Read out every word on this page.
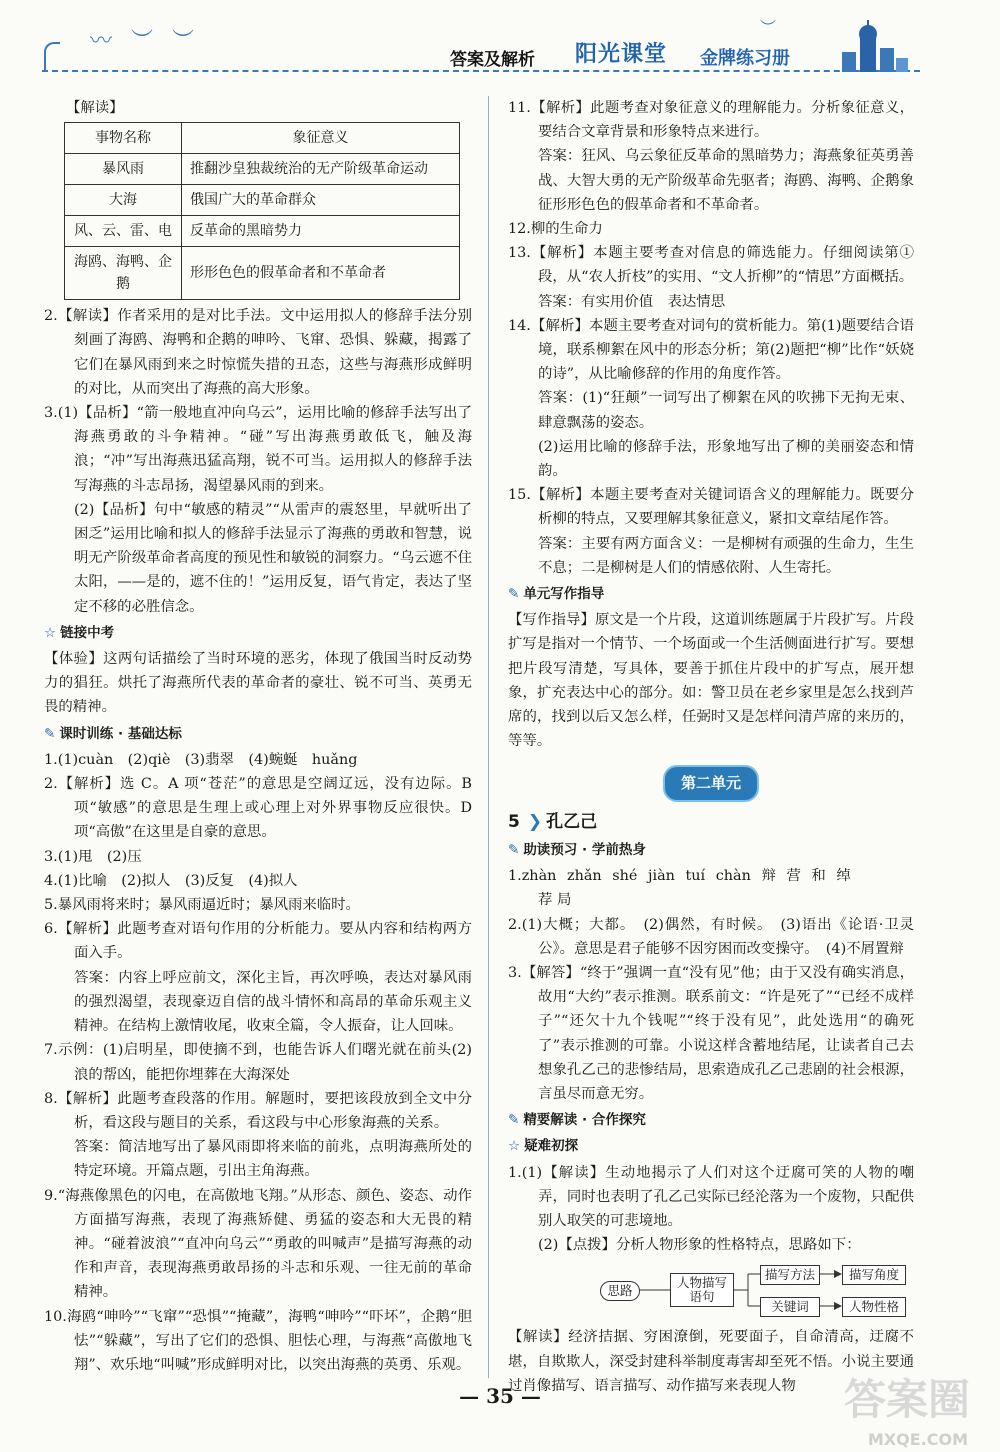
〰 ︶ ︶
︶
答案及解析 阳光课堂 金牌练习册

【解读】

事物名称	象征意义
暴风雨	推翻沙皇独裁统治的无产阶级革命运动
大海	俄国广大的革命群众
风、云、雷、电	反革命的黑暗势力
海鸥、海鸭、企鹅	形形色色的假革命者和不革命者

2.【解读】作者采用的是对比手法。文中运用拟人的修辞手法分别刻画了海鸥、海鸭和企鹅的呻吟、飞窜、恐惧、躲藏，揭露了它们在暴风雨到来之时惊慌失措的丑态，这些与海燕形成鲜明的对比，从而突出了海燕的高大形象。

3.(1)【品析】“箭一般地直冲向乌云”，运用比喻的修辞手法写出了海燕勇敢的斗争精神。“碰”写出海燕勇敢低飞，触及海浪；“冲”写出海燕迅猛高翔，锐不可当。运用拟人的修辞手法写海燕的斗志昂扬，渴望暴风雨的到来。

(2)【品析】句中“敏感的精灵”“从雷声的震怒里，早就听出了困乏”运用比喻和拟人的修辞手法显示了海燕的勇敢和智慧，说明无产阶级革命者高度的预见性和敏锐的洞察力。“乌云遮不住太阳，——是的，遮不住的！”运用反复，语气肯定，表达了坚定不移的必胜信念。

☆ 链接中考

【体验】这两句话描绘了当时环境的恶劣，体现了俄国当时反动势力的猖狂。烘托了海燕所代表的革命者的豪壮、锐不可当、英勇无畏的精神。

✎ 课时训练 · 基础达标

1.(1)cuàn　(2)qiè　(3)翡翠　(4)蜿蜒　huǎng

2.【解析】选 C。A 项“苍茫”的意思是空阔辽远，没有边际。B 项“敏感”的意思是生理上或心理上对外界事物反应很快。D 项“高傲”在这里是自豪的意思。

3.(1)甩　(2)压

4.(1)比喻　(2)拟人　(3)反复　(4)拟人

5.暴风雨将来时；暴风雨逼近时；暴风雨来临时。

6.【解析】此题考查对语句作用的分析能力。要从内容和结构两方面入手。

答案：内容上呼应前文，深化主旨，再次呼唤，表达对暴风雨的强烈渴望，表现豪迈自信的战斗情怀和高昂的革命乐观主义精神。在结构上激情收尾，收束全篇，令人振奋，让人回味。

7.示例：(1)启明星，即使摘不到，也能告诉人们曙光就在前头(2)浪的帮凶，能把你埋葬在大海深处

8.【解析】此题考查段落的作用。解题时，要把该段放到全文中分析，看这段与题目的关系，看这段与中心形象海燕的关系。

答案：简洁地写出了暴风雨即将来临的前兆，点明海燕所处的特定环境。开篇点题，引出主角海燕。

9.“海燕像黑色的闪电，在高傲地飞翔。”从形态、颜色、姿态、动作方面描写海燕，表现了海燕矫健、勇猛的姿态和大无畏的精神。“碰着波浪”“直冲向乌云”“勇敢的叫喊声”是描写海燕的动作和声音，表现海燕勇敢昂扬的斗志和乐观、一往无前的革命精神。

10.海鸥“呻吟”“飞窜”“恐惧”“掩藏”，海鸭“呻吟”“吓坏”，企鹅“胆怯”“躲藏”，写出了它们的恐惧、胆怯心理，与海燕“高傲地飞翔”、欢乐地“叫喊”形成鲜明对比，以突出海燕的英勇、乐观。

11.【解析】此题考查对象征意义的理解能力。分析象征意义，要结合文章背景和形象特点来进行。

答案：狂风、乌云象征反革命的黑暗势力；海燕象征英勇善战、大智大勇的无产阶级革命先驱者；海鸥、海鸭、企鹅象征形形色色的假革命者和不革命者。

12.柳的生命力

13.【解析】本题主要考查对信息的筛选能力。仔细阅读第①段，从“农人折枝”的实用、“文人折柳”的“情思”方面概括。

答案：有实用价值　表达情思

14.【解析】本题主要考查对词句的赏析能力。第(1)题要结合语境，联系柳絮在风中的形态分析；第(2)题把“柳”比作“妖娆的诗”，从比喻修辞的作用的角度作答。

答案：(1)“狂颠”一词写出了柳絮在风的吹拂下无拘无束、肆意飘荡的姿态。

(2)运用比喻的修辞手法，形象地写出了柳的美丽姿态和情韵。

15.【解析】本题主要考查对关键词语含义的理解能力。既要分析柳的特点，又要理解其象征意义，紧扣文章结尾作答。

答案：主要有两方面含义：一是柳树有顽强的生命力，生生不息；二是柳树是人们的情感依附、人生寄托。

✎ 单元写作指导

【写作指导】原文是一个片段，这道训练题属于片段扩写。片段扩写是指对一个情节、一个场面或一个生活侧面进行扩写。要想把片段写清楚，写具体，要善于抓住片段中的扩写点，展开想象，扩充表达中心的部分。如：警卫员在老乡家里是怎么找到芦席的，找到以后又怎么样，任弼时又是怎样问清芦席的来历的，等等。

第二单元
5 ❯ 孔乙己
✎ 助读预习 · 学前热身

1.zhàn zhǎn shé jiàn tuí chàn 辩 营 和 绰

荐 局

2.(1)大概；大都。　(2)偶然，有时候。　(3)语出《论语·卫灵公》。意思是君子能够不因穷困而改变操守。　(4)不屑置辩

3.【解答】“终于”强调一直“没有见”他；由于又没有确实消息，故用“大约”表示推测。联系前文：“许是死了”“已经不成样子”“还欠十九个钱呢”“终于没有见”，此处选用“的确死了”表示推测的可靠。小说这样含蓄地结尾，让读者自己去想象孔乙己的悲惨结局，思索造成孔乙己悲剧的社会根源，言虽尽而意无穷。

✎ 精要解读 · 合作探究
☆ 疑难初探

1.(1)【解读】生动地揭示了人们对这个迂腐可笑的人物的嘲弄，同时也表明了孔乙己实际已经沦落为一个废物，只配供别人取笑的可悲境地。

(2)【点拨】分析人物形象的性格特点，思路如下：

思路
人物描写语句
描写方法	描写角度
关键词	人物性格

【解读】经济拮据、穷困潦倒，死要面子，自命清高，迂腐不堪，自欺欺人，深受封建科举制度毒害却至死不悟。小说主要通过肖像描写、语言描写、动作描写来表现人物

— 35 —	答案圈
MXQE.COM
